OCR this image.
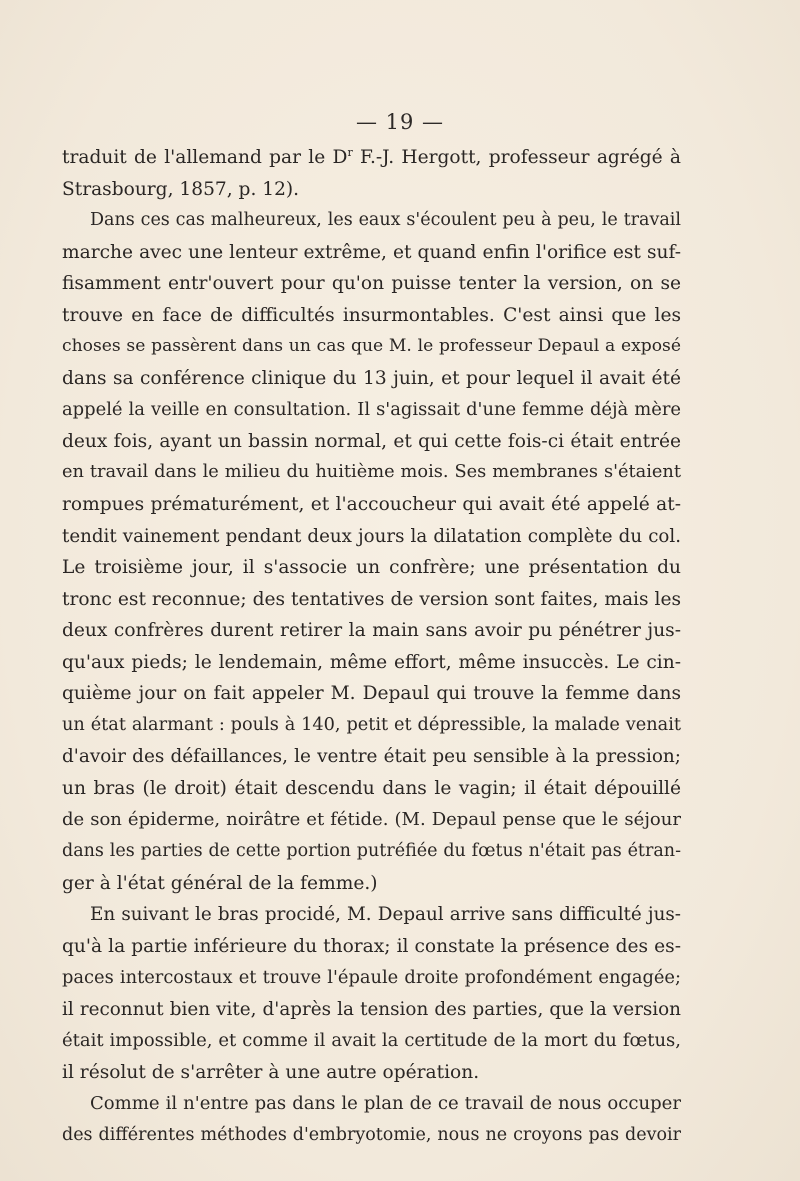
— 19 —
traduit de l'allemand par le $D^r$ F.-J. Hergott, professeur agrégé à
Strasbourg, 1857, p. 12).
Dans ces cas malheureux, les eaux s'écoulent peu à peu, le travail
marche avec une lenteur extrême, et quand enfin l'orifice est suf-
fisamment entr'ouvert pour qu'on puisse tenter la version, on se
trouve en face de difficultés insurmontables. C'est ainsi que les
choses se passèrent dans un cas que M. le professeur Depaul a exposé
dans sa conférence clinique du 13 juin, et pour lequel il avait été
appelé la veille en consultation. Il s'agissait d'une femme déjà mère
deux fois, ayant un bassin normal, et qui cette fois-ci était entrée
en travail dans le milieu du huitième mois. Ses membranes s'étaient
rompues prématurément, et l'accoucheur qui avait été appelé at-
tendit vainement pendant deux jours la dilatation complète du col.
Le troisième jour, il s'associe un confrère; une présentation du
tronc est reconnue; des tentatives de version sont faites, mais les
deux confrères durent retirer la main sans avoir pu pénétrer jus-
qu'aux pieds; le lendemain, même effort, même insuccès. Le cin-
quième jour on fait appeler M. Depaul qui trouve la femme dans
un état alarmant : pouls à 140, petit et dépressible, la malade venait
d'avoir des défaillances, le ventre était peu sensible à la pression;
un bras (le droit) était descendu dans le vagin; il était dépouillé
de son épiderme, noirâtre et fétide. (M. Depaul pense que le séjour
dans les parties de cette portion putréfiée du fœtus n'était pas étran-
ger à l'état général de la femme.)
En suivant le bras procidé, M. Depaul arrive sans difficulté jus-
qu'à la partie inférieure du thorax; il constate la présence des es-
paces intercostaux et trouve l'épaule droite profondément engagée;
il reconnut bien vite, d'après la tension des parties, que la version
était impossible, et comme il avait la certitude de la mort du fœtus,
il résolut de s'arrêter à une autre opération.
Comme il n'entre pas dans le plan de ce travail de nous occuper
des différentes méthodes d'embryotomie, nous ne croyons pas devoir
